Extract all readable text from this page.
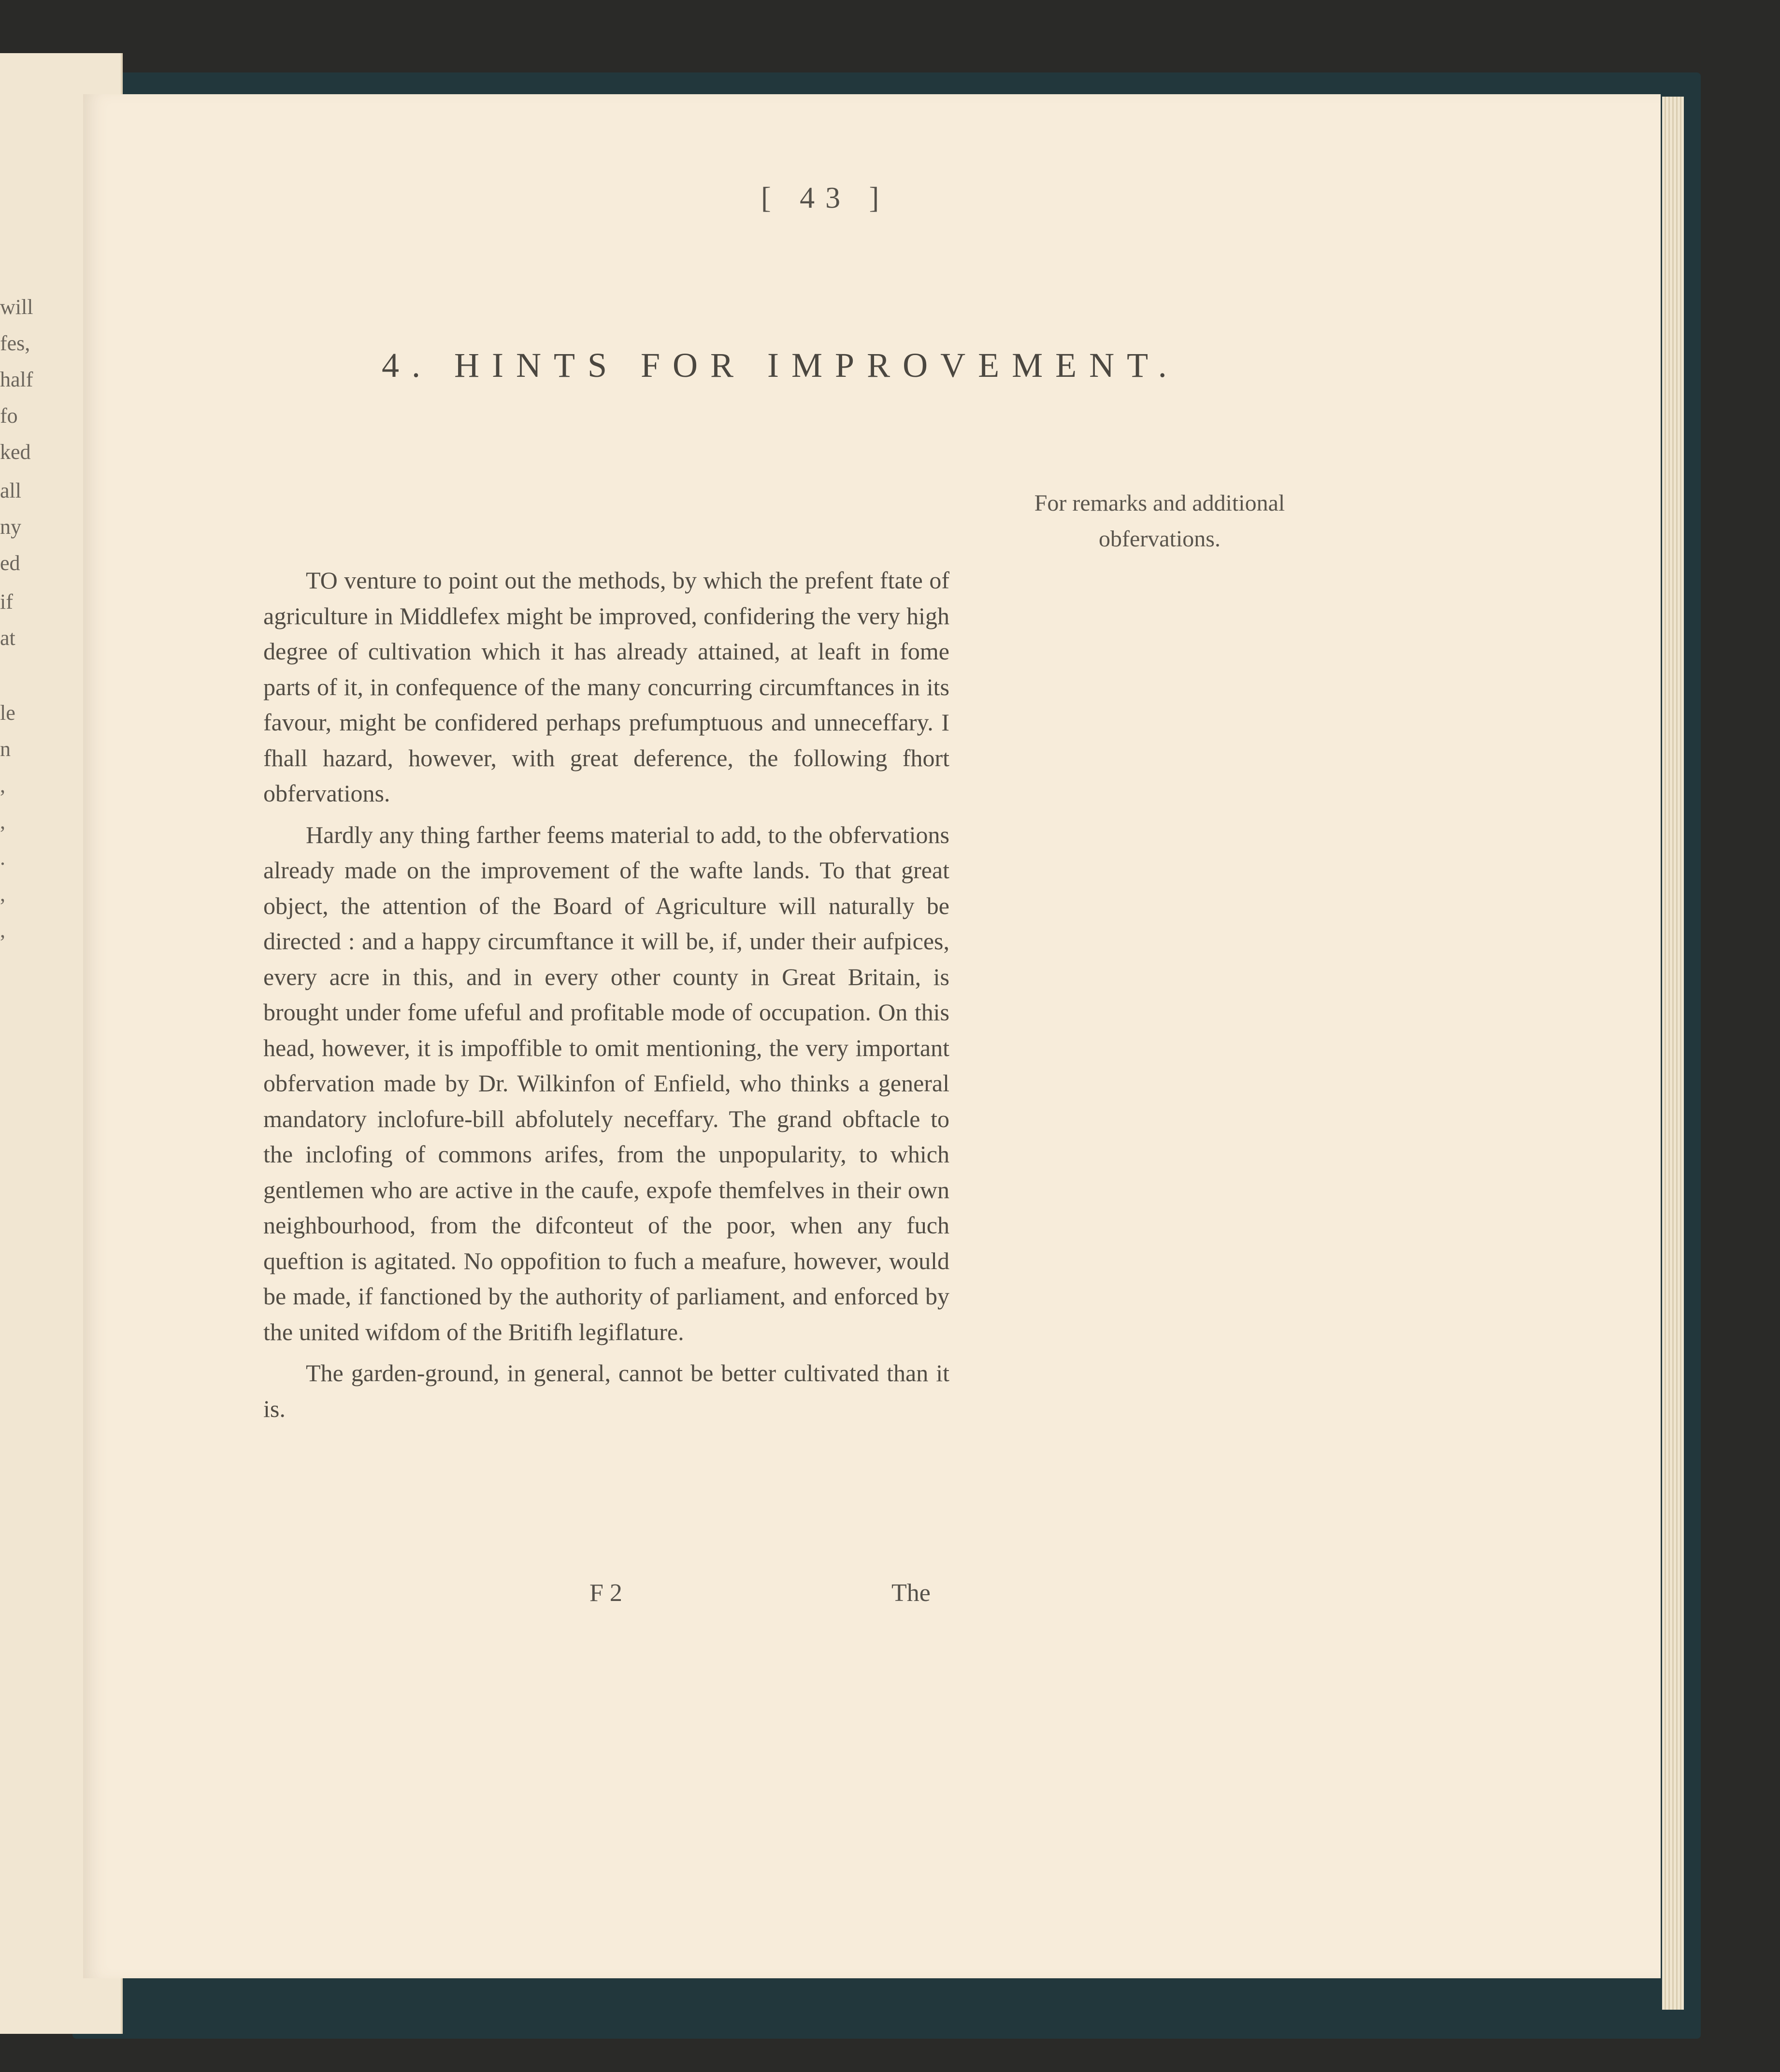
will
fes,
half
fo
ked
all
ny
ed
if
at
le
n
,
,
.
,
,
[ 43 ]
4. HINTS FOR IMPROVEMENT.
For remarks and additional obfervations.

TO venture to point out the methods, by which the prefent ftate of agriculture in Middlefex might be improved, confidering the very high degree of cultivation which it has already attained, at leaft in fome parts of it, in confequence of the many concurring circumftances in its favour, might be confidered perhaps prefumptuous and unneceffary. I fhall hazard, however, with great deference, the following fhort obfervations.

Hardly any thing farther feems material to add, to the obfervations already made on the improvement of the wafte lands. To that great object, the attention of the Board of Agriculture will naturally be directed : and a happy circumftance it will be, if, under their aufpices, every acre in this, and in every other county in Great Britain, is brought under fome ufeful and profitable mode of occupation. On this head, however, it is impoffible to omit mentioning, the very important obfervation made by Dr. Wilkinfon of Enfield, who thinks a general mandatory inclofure-bill abfolutely neceffary. The grand obftacle to the inclofing of commons arifes, from the unpopularity, to which gentlemen who are active in the caufe, expofe themfelves in their own neighbourhood, from the difconteut of the poor, when any fuch queftion is agitated. No oppofition to fuch a meafure, however, would be made, if fanctioned by the authority of parliament, and enforced by the united wifdom of the Britifh legiflature.

The garden-ground, in general, cannot be better cultivated than it is.

F 2	The
